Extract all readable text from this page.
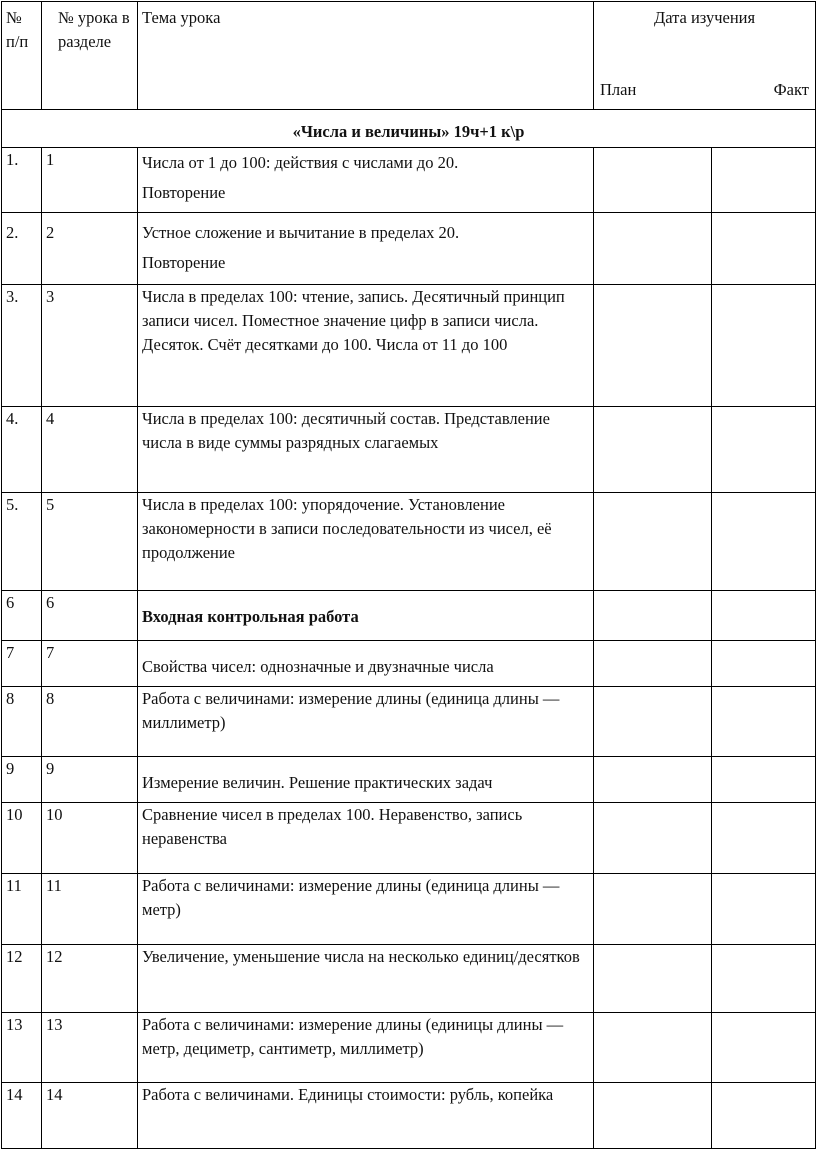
№ п/п	№ урока в разделе	Тема урока	Дата изучения
План Факт	

«Числа и величины» 19ч+1 к\р				
1.	1	Числа от 1 до 100: действия с числами до 20.
Повторение		

2.	2	Устное сложение и вычитание в пределах 20.
Повторение		

3.	3	Числа в пределах 100: чтение, запись. Десятичный принцип записи чисел. Поместное значение цифр в записи числа. Десяток. Счёт десятками до 100. Числа от 11 до 100		
4.	4	Числа в пределах 100: десятичный состав. Представление числа в виде суммы разрядных слагаемых		
5.	5	Числа в пределах 100: упорядочение. Установление закономерности в записи последовательности из чисел, её продолжение		
6	6	Входная контрольная работа		
7	7	Свойства чисел: однозначные и двузначные числа		
8	8	Работа с величинами: измерение длины (единица длины — миллиметр)		
9	9	Измерение величин. Решение практических задач		
10	10	Сравнение чисел в пределах 100. Неравенство, запись неравенства		
11	11	Работа с величинами: измерение длины (единица длины — метр)		
12	12	Увеличение, уменьшение числа на несколько единиц/десятков		
13	13	Работа с величинами: измерение длины (единицы длины — метр, дециметр, сантиметр, миллиметр)		
14	14	Работа с величинами. Единицы стоимости: рубль, копейка		
